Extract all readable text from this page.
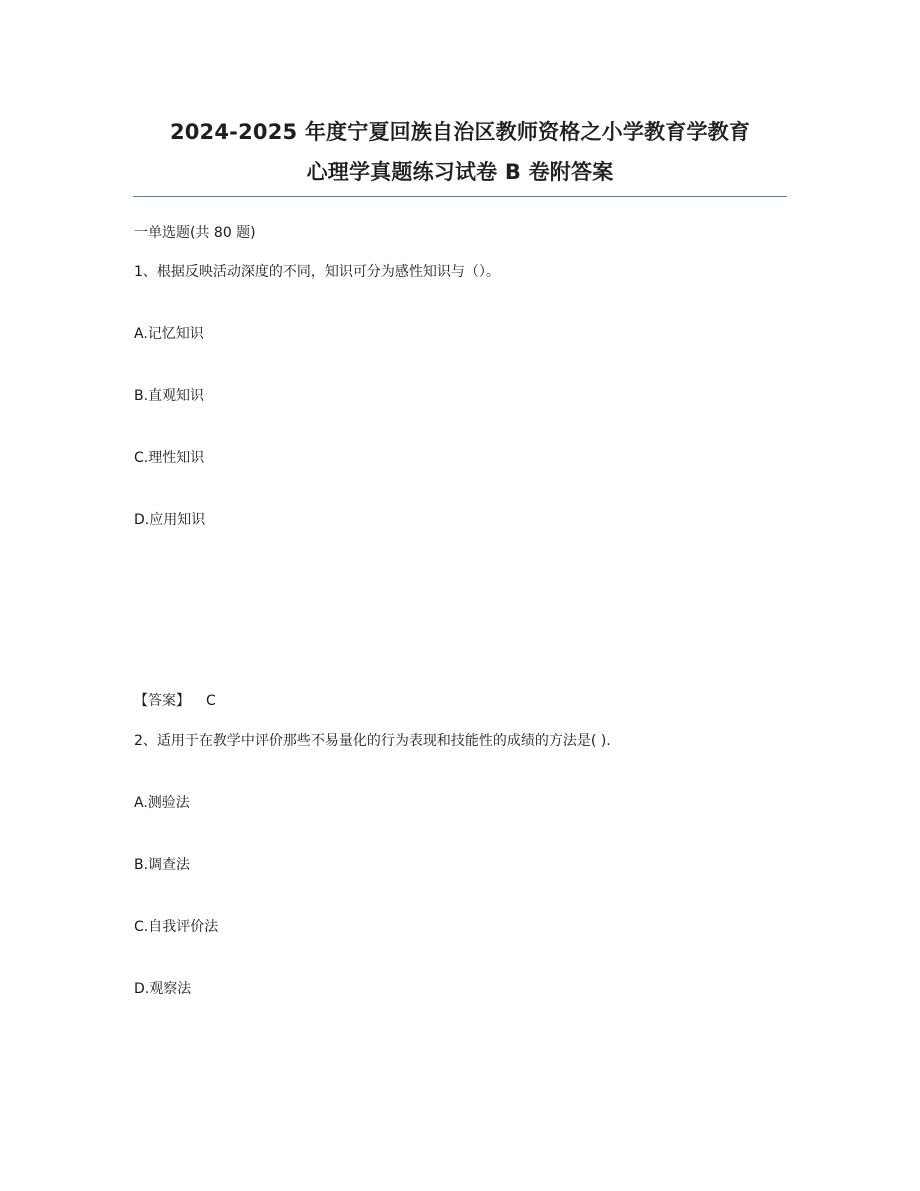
2024-2025 年度宁夏回族自治区教师资格之小学教育学教育
心理学真题练习试卷 B 卷附答案
一单选题(共 80 题)
1、根据反映活动深度的不同，知识可分为感性知识与（）。
A.记忆知识
B.直观知识
C.理性知识
D.应用知识
【答案】 C
2、适用于在教学中评价那些不易量化的行为表现和技能性的成绩的方法是( ).
A.测验法
B.调查法
C.自我评价法
D.观察法
